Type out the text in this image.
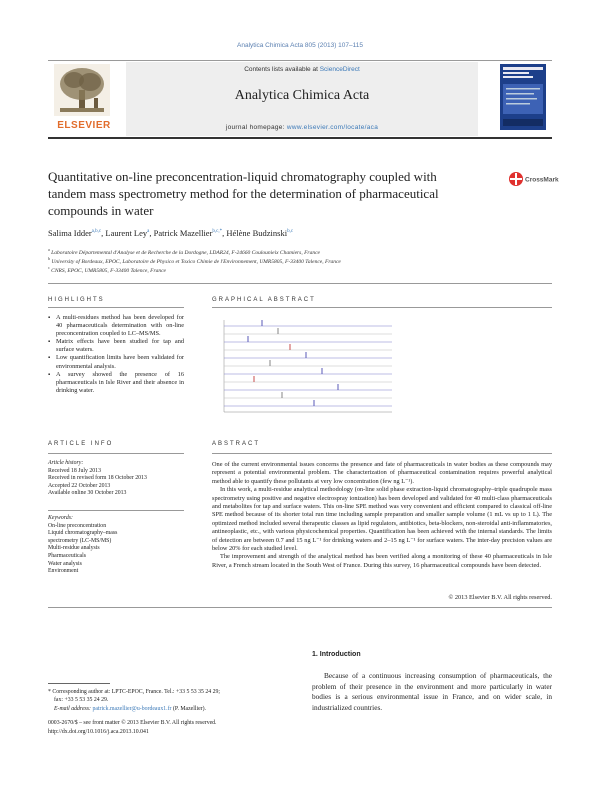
Analytica Chimica Acta 805 (2013) 107–115
ELSEVIER
Contents lists available at ScienceDirect
Analytica Chimica Acta
journal homepage: www.elsevier.com/locate/aca
Quantitative on-line preconcentration-liquid chromatography coupled with tandem mass spectrometry method for the determination of pharmaceutical compounds in water
CrossMark
Salima Idder$^{a,b,c}$, Laurent Ley$^a$, Patrick Mazellier$^{b,c,*}$, Hélène Budzinski$^{b,c}$
$^a$ Laboratoire Départemental d'Analyse et de Recherche de la Dordogne, LDAR24, F-24660 Coulounieix Chamiers, France
$^b$ University of Bordeaux, EPOC, Laboratoire de Physico et Toxico Chimie de l'Environnement, UMR5805, F-33400 Talence, France
$^c$ CNRS, EPOC, UMR5805, F-33400 Talence, France
HIGHLIGHTS
▪ A multi-residues method has been developed for 40 pharmaceuticals determination with on-line preconcentration coupled to LC–MS/MS.
▪ Matrix effects have been studied for tap and surface waters.
▪ Low quantification limits have been validated for environmental analysis.
▪ A survey showed the presence of 16 pharmaceuticals in Isle River and their absence in drinking water.
GRAPHICAL ABSTRACT
ARTICLE INFO
Article history:
Received 18 July 2013
Received in revised form 18 October 2013
Accepted 22 October 2013
Available online 30 October 2013
Keywords:
On-line preconcentration
Liquid chromatography–mass
spectrometry (LC-MS/MS)
Multi-residue analysis
Pharmaceuticals
Water analysis
Environment
ABSTRACT

One of the current environmental issues concerns the presence and fate of pharmaceuticals in water bodies as these compounds may represent a potential environmental problem. The characterization of pharmaceutical contamination requires powerful analytical method able to quantify these pollutants at very low concentration (few ng L⁻¹).

In this work, a multi-residue analytical methodology (on-line solid phase extraction-liquid chromatography–triple quadrupole mass spectrometry using positive and negative electrospray ionization) has been developed and validated for 40 multi-class pharmaceuticals and metabolites for tap and surface waters. This on-line SPE method was very convenient and efficient compared to classical off-line SPE method because of its shorter total run time including sample preparation and smaller sample volume (1 mL vs up to 1 L). The optimized method included several therapeutic classes as lipid regulators, antibiotics, beta-blockers, non-steroidal anti-inflammatories, antineoplastic, etc., with various physicochemical properties. Quantification has been achieved with the internal standards. The limits of detection are between 0.7 and 15 ng L⁻¹ for drinking waters and 2–15 ng L⁻¹ for surface waters. The inter-day precision values are below 20% for each studied level.

The improvement and strength of the analytical method has been verified along a monitoring of these 40 pharmaceuticals in Isle River, a French stream located in the South West of France. During this survey, 16 pharmaceutical compounds have been detected.

© 2013 Elsevier B.V. All rights reserved.
1. Introduction
Because of a continuous increasing consumption of pharmaceuticals, the problem of their presence in the environment and more particularly in water bodies is a serious environmental issue in France, and on wider scale, in industrialized countries.
* Corresponding author at: LPTC-EPOC, France. Tel.: +33 5 53 35 24 29;
fax: +33 5 53 35 24 29.
E-mail address: patrick.mazellier@u-bordeaux1.fr (P. Mazellier).
0003-2670/$ – see front matter © 2013 Elsevier B.V. All rights reserved.
http://dx.doi.org/10.1016/j.aca.2013.10.041
